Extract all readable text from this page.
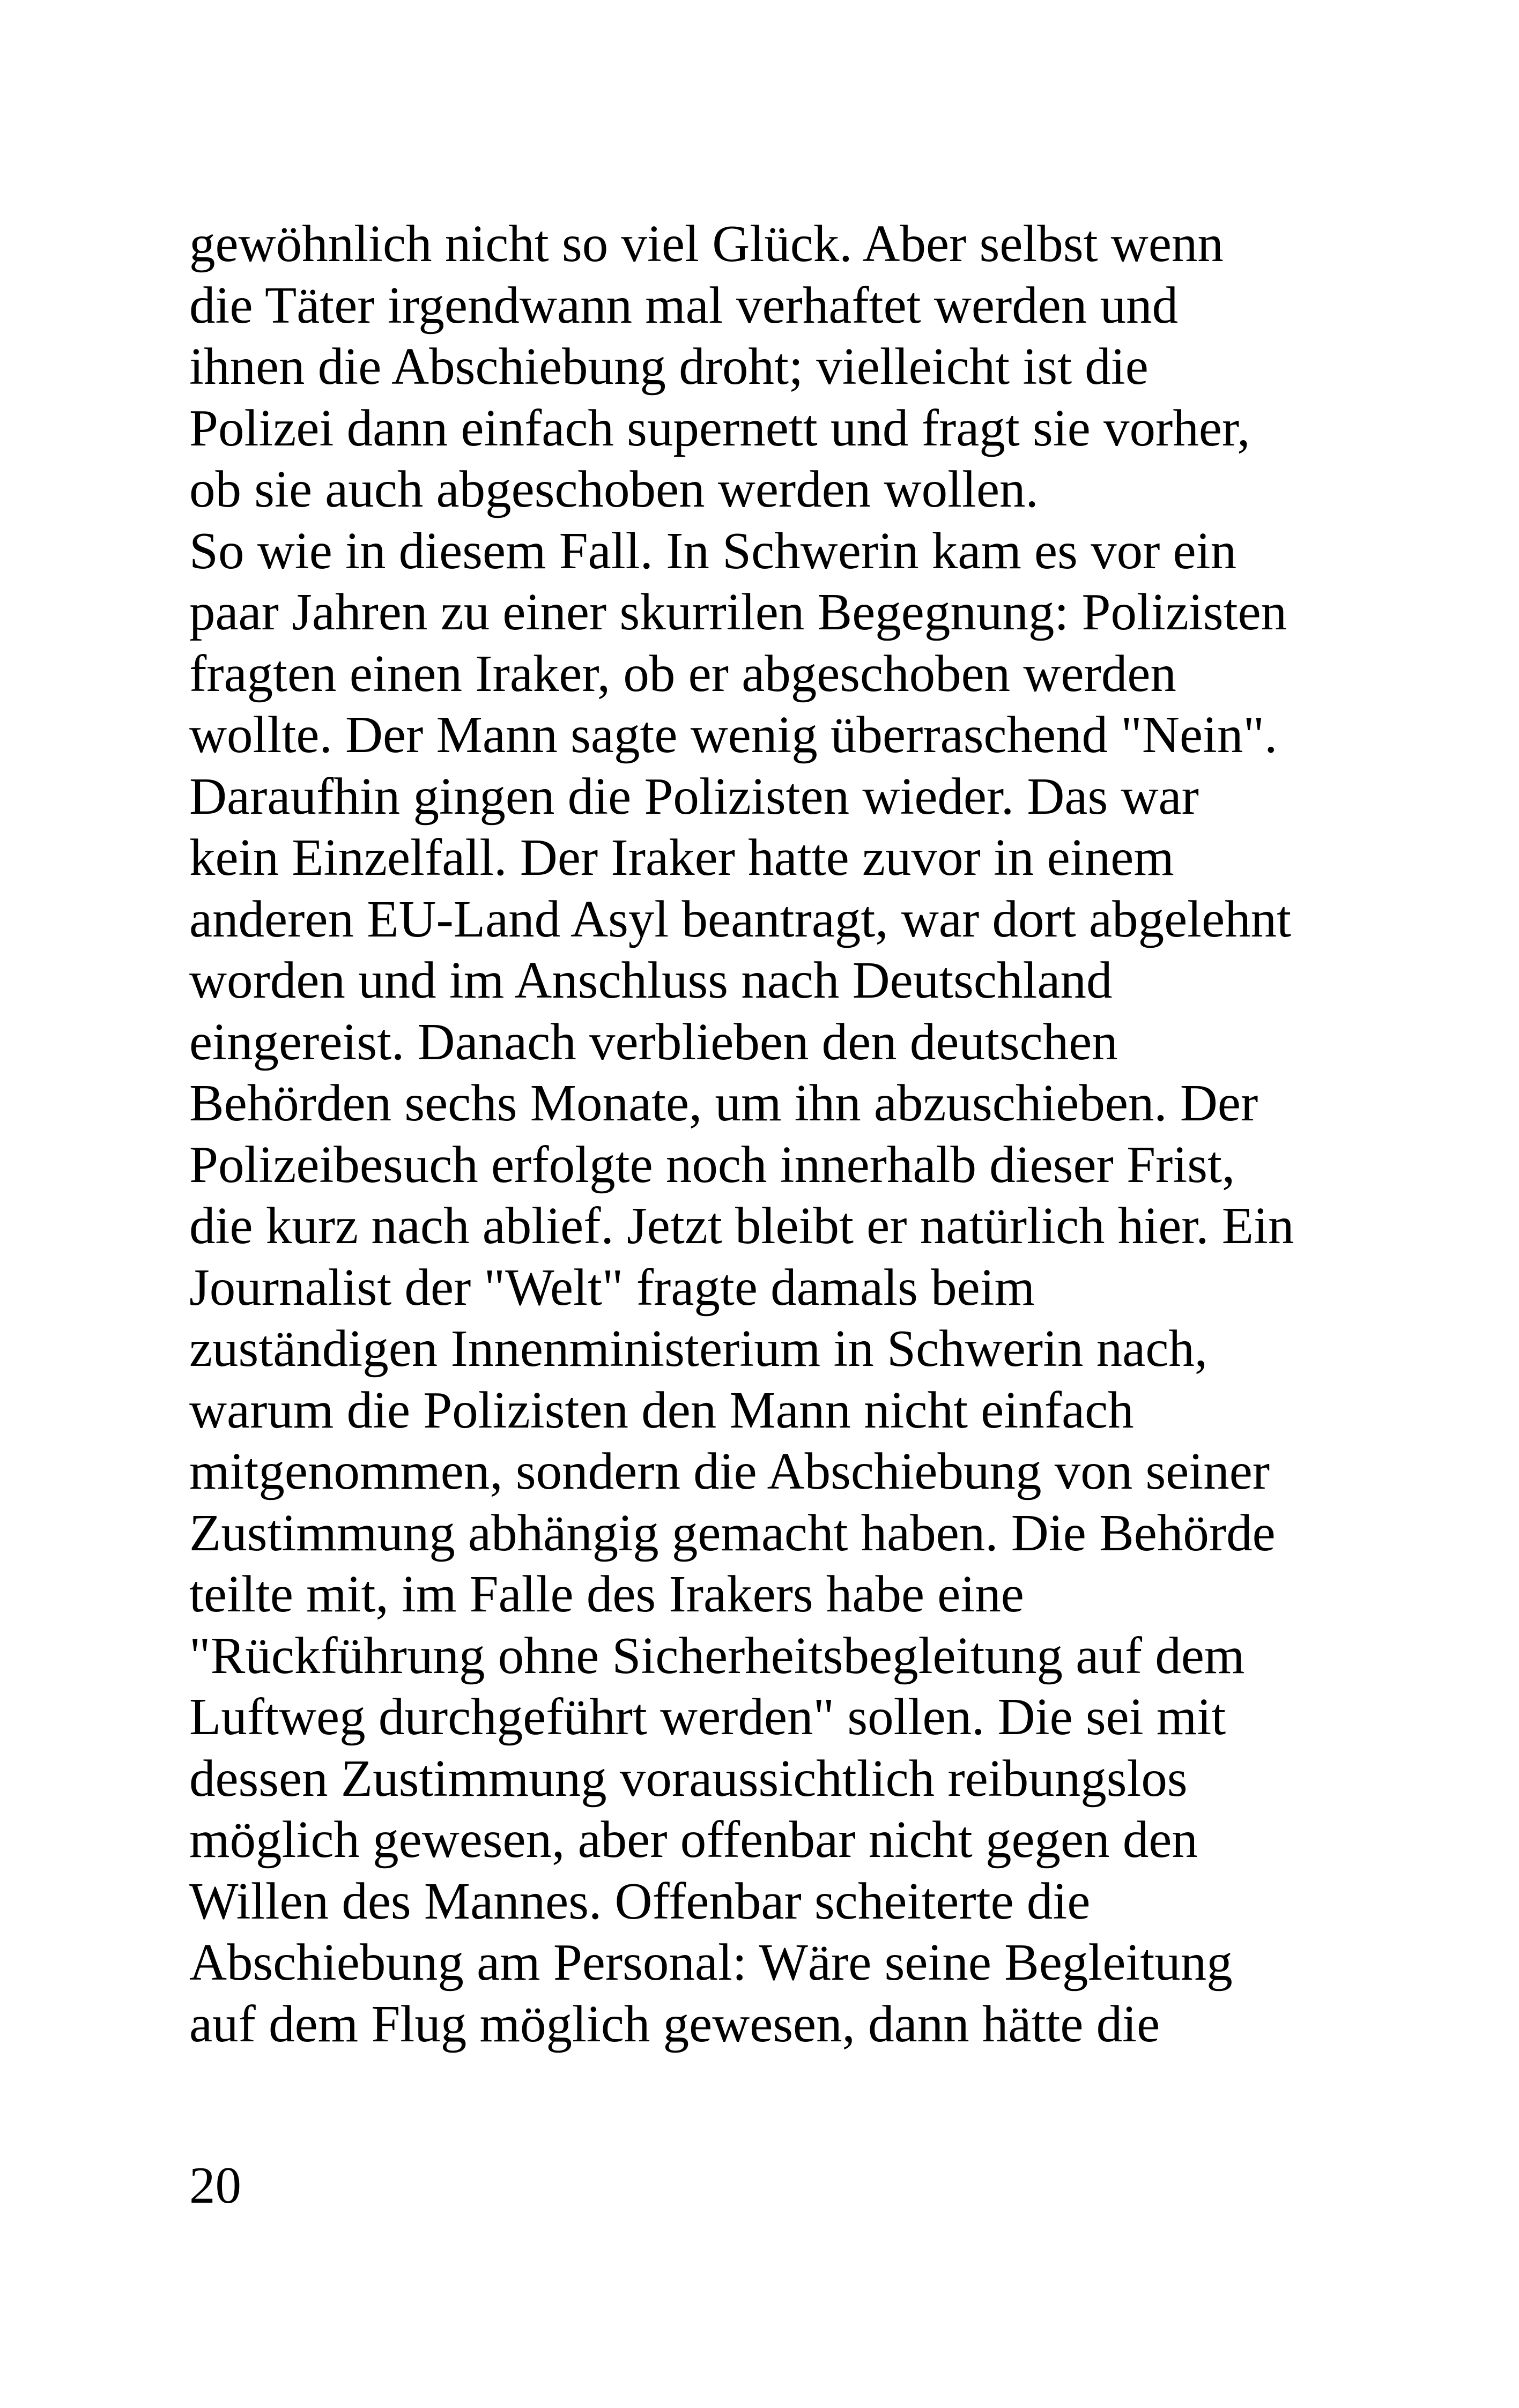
gewöhnlich nicht so viel Glück. Aber selbst wenn
die Täter irgendwann mal verhaftet werden und
ihnen die Abschiebung droht; vielleicht ist die
Polizei dann einfach supernett und fragt sie vorher,
ob sie auch abgeschoben werden wollen.
So wie in diesem Fall. In Schwerin kam es vor ein
paar Jahren zu einer skurrilen Begegnung: Polizisten
fragten einen Iraker, ob er abgeschoben werden
wollte. Der Mann sagte wenig überraschend "Nein".
Daraufhin gingen die Polizisten wieder. Das war
kein Einzelfall. Der Iraker hatte zuvor in einem
anderen EU-Land Asyl beantragt, war dort abgelehnt
worden und im Anschluss nach Deutschland
eingereist. Danach verblieben den deutschen
Behörden sechs Monate, um ihn abzuschieben. Der
Polizeibesuch erfolgte noch innerhalb dieser Frist,
die kurz nach ablief. Jetzt bleibt er natürlich hier. Ein
Journalist der "Welt" fragte damals beim
zuständigen Innenministerium in Schwerin nach,
warum die Polizisten den Mann nicht einfach
mitgenommen, sondern die Abschiebung von seiner
Zustimmung abhängig gemacht haben. Die Behörde
teilte mit, im Falle des Irakers habe eine
"Rückführung ohne Sicherheitsbegleitung auf dem
Luftweg durchgeführt werden" sollen. Die sei mit
dessen Zustimmung voraussichtlich reibungslos
möglich gewesen, aber offenbar nicht gegen den
Willen des Mannes. Offenbar scheiterte die
Abschiebung am Personal: Wäre seine Begleitung
auf dem Flug möglich gewesen, dann hätte die
20
